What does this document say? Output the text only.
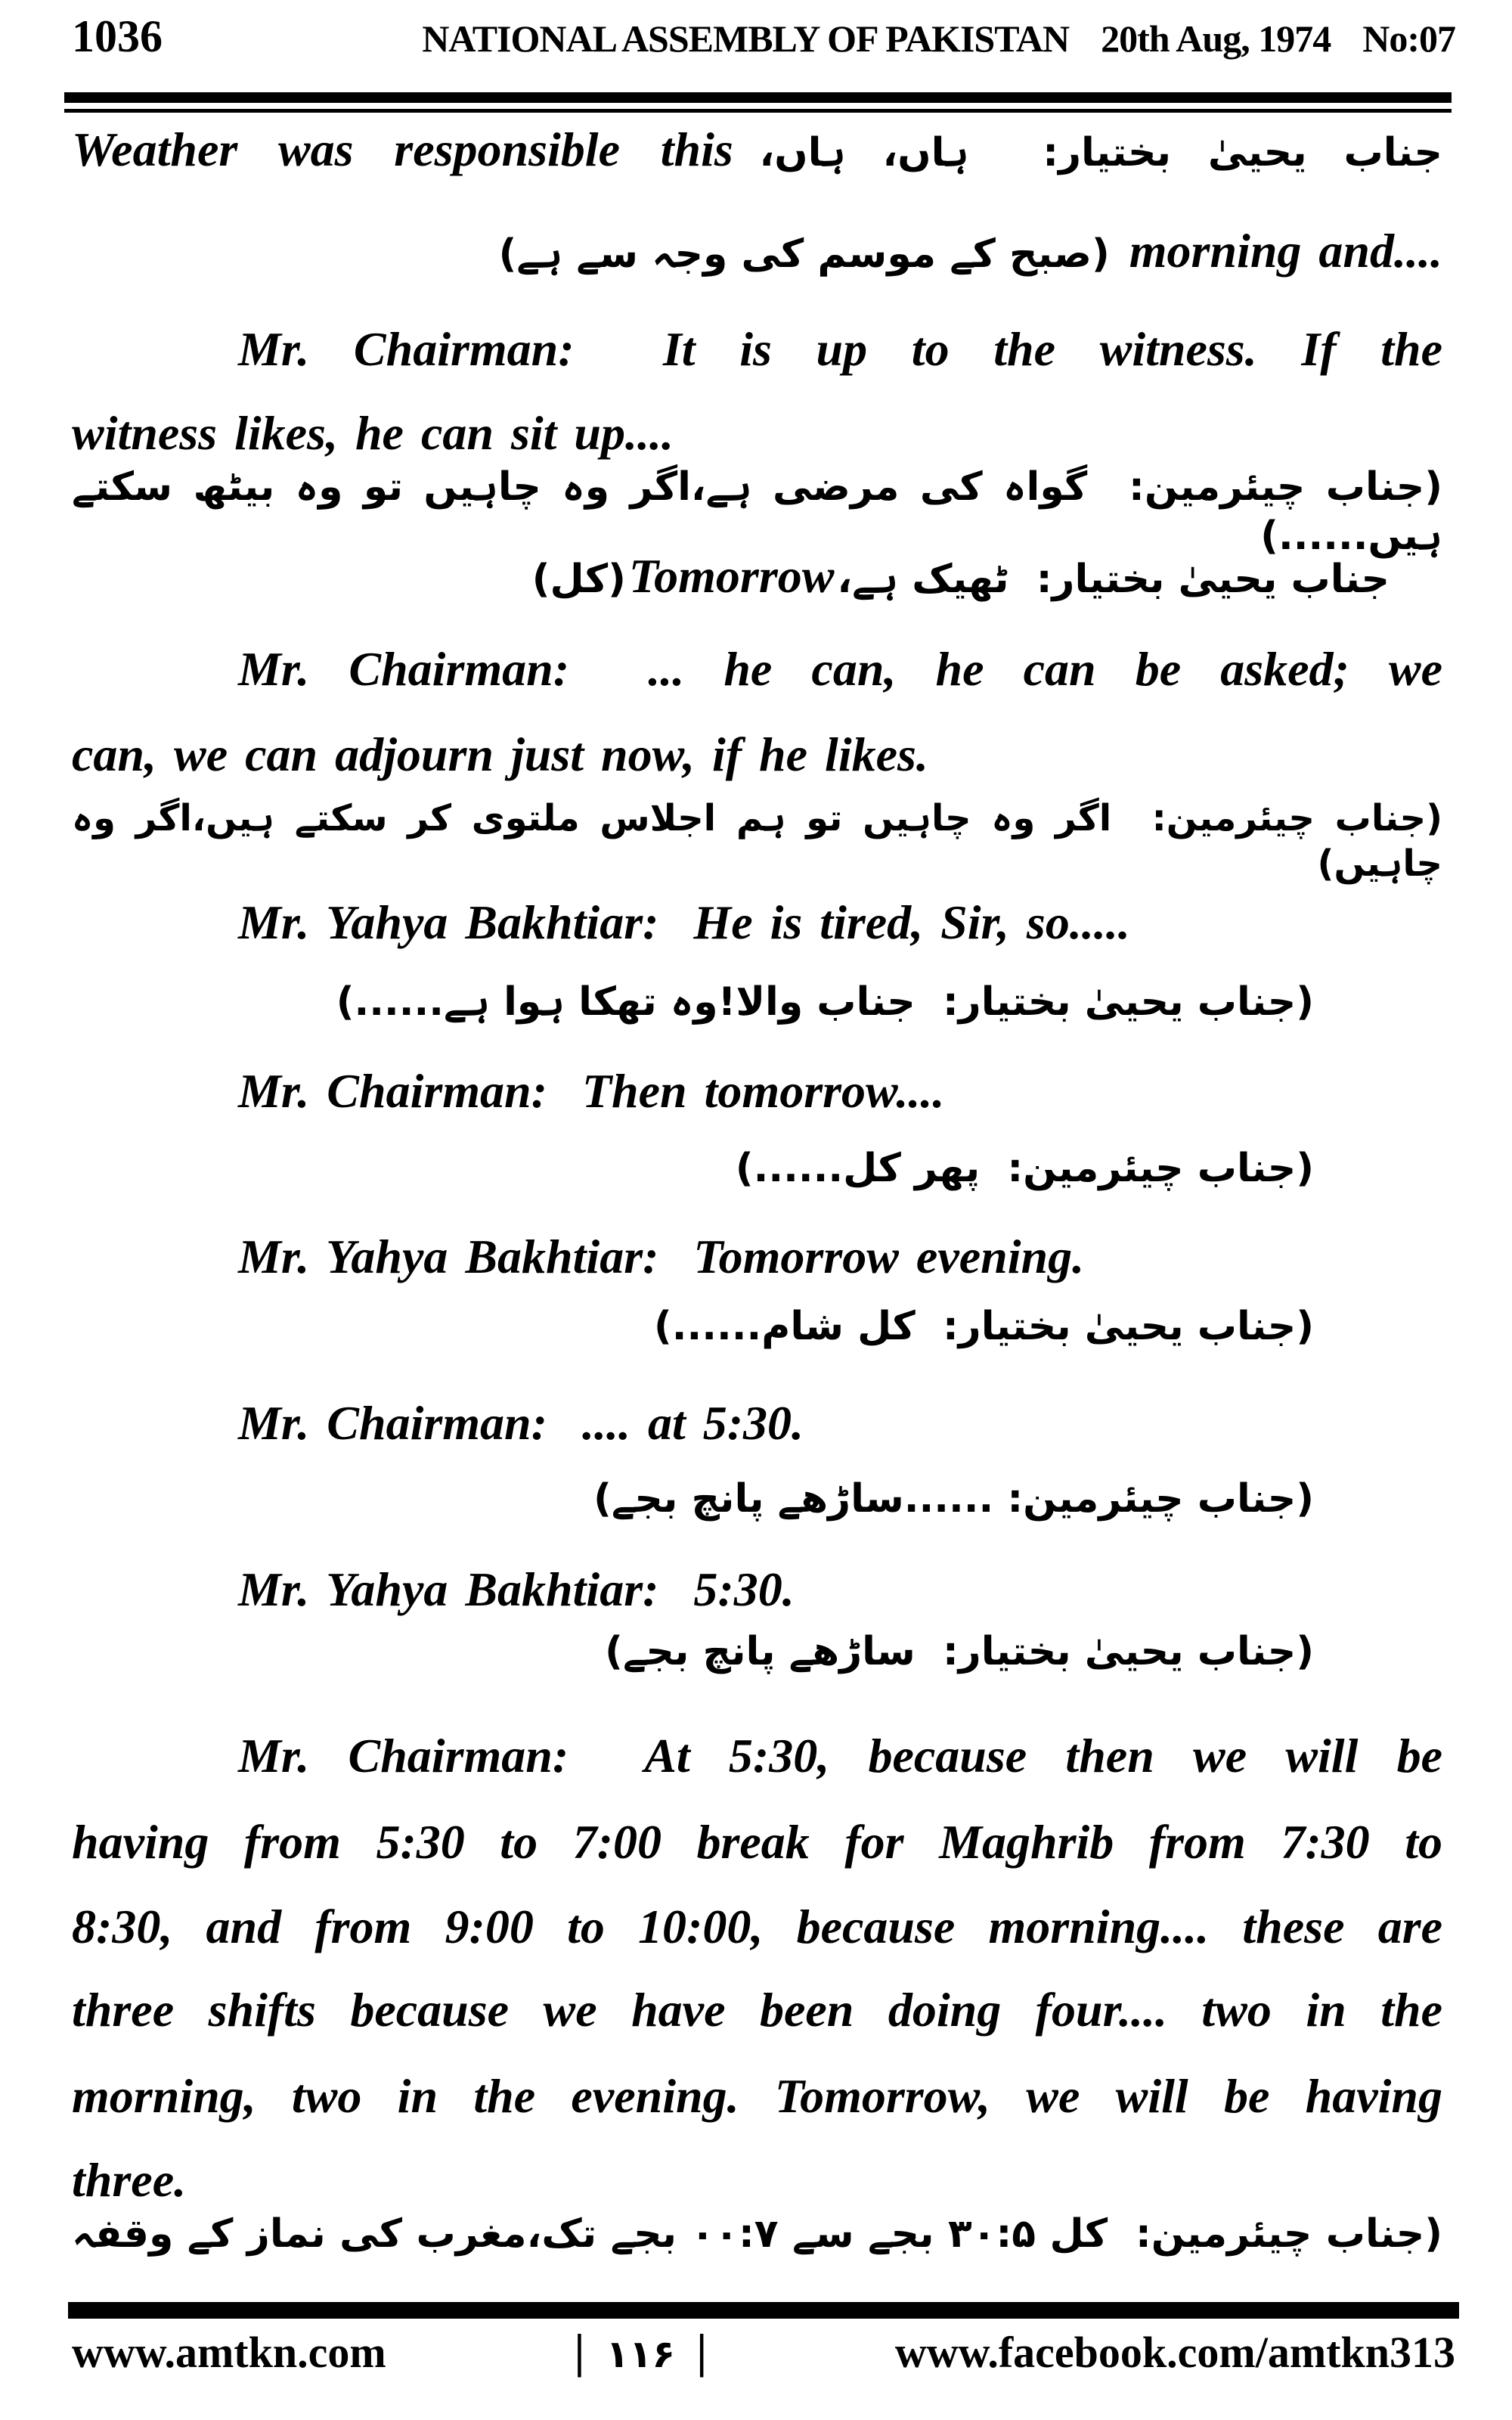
1036	NATIONAL ASSEMBLY OF PAKISTAN 20th Aug, 1974 No:07
جناب یحییٰ بختیار:  ہاں، ہاں، Weather was responsible this
(صبح کے موسم کی وجہ سے ہے) morning and....
Mr. Chairman:  It is up to the witness. If the
witness likes, he can sit up....
(جناب چیئرمین:  گواہ کی مرضی ہے،اگر وہ چاہیں تو وہ بیٹھ سکتے ہیں......)
جناب یحییٰ بختیار:  ٹھیک ہے، Tomorrow (کل)
Mr. Chairman:  ... he can, he can be asked; we
can, we can adjourn just now, if he likes.
(جناب چیئرمین:  اگر وہ چاہیں تو ہم اجلاس ملتوی کر سکتے ہیں،اگر وہ چاہیں)
Mr. Yahya Bakhtiar:  He is tired, Sir, so.....
(جناب یحییٰ بختیار:  جناب والا!وہ تھکا ہوا ہے......)
Mr. Chairman:  Then tomorrow....
(جناب چیئرمین:  پھر کل......)
Mr. Yahya Bakhtiar:  Tomorrow evening.
(جناب یحییٰ بختیار:  کل شام......)
Mr. Chairman:  .... at 5:30.
(جناب چیئرمین: ......ساڑھے پانچ بجے)
Mr. Yahya Bakhtiar:  5:30.
(جناب یحییٰ بختیار:  ساڑھے پانچ بجے)
Mr. Chairman:  At 5:30, because then we will be
having from 5:30 to 7:00 break for Maghrib from 7:30 to
8:30, and from 9:00 to 10:00, because morning.... these are
three shifts because we have been doing four.... two in the
morning, two in the evening. Tomorrow, we will be having
three.
(جناب چیئرمین:  کل ۳۰:۵ بجے سے ۰۰:۷ بجے تک،مغرب کی نماز کے وقفہ
www.amtkn.com	| ۱۱۶ |	www.facebook.com/amtkn313
